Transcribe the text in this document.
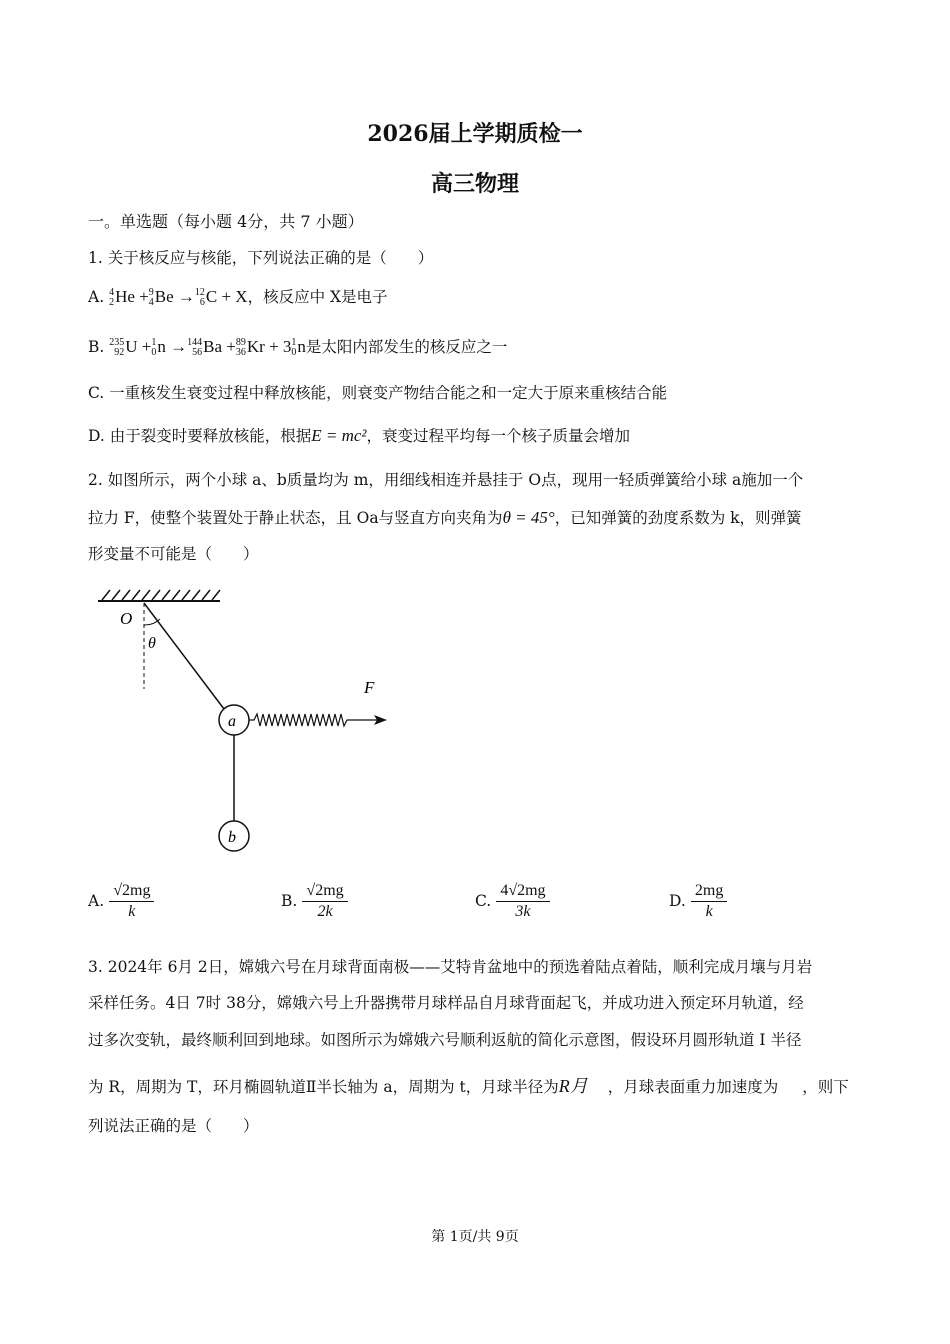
2026届上学期质检一
高三物理
一。单选题（每小题 4分，共 7 小题）
1. 关于核反应与核能，下列说法正确的是（　　）
A. 4
2 He + 9
4 Be → 12
6 C + X，核反应中 X是电子
B. 235
92 U + 1
0 n → 144
56 Ba + 89
36 Kr + 3 1
0 n是太阳内部发生的核反应之一
C. 一重核发生衰变过程中释放核能，则衰变产物结合能之和一定大于原来重核结合能
D. 由于裂变时要释放核能，根据E = mc²，衰变过程平均每一个核子质量会增加
2. 如图所示，两个小球 a、b质量均为 m，用细线相连并悬挂于 O点，现用一轻质弹簧给小球 a施加一个
拉力 F，使整个装置处于静止状态，且 Oa与竖直方向夹角为θ = 45°，已知弹簧的劲度系数为 k，则弹簧
形变量不可能是（　　）
O
θ
F
a
b
A. $\frac{√2mg}{k}$	B. $\frac{√2mg}{2k}$	C. $\frac{4√2mg}{3k}$	D. $\frac{2mg}{k}$
3. 2024年 6月 2日，嫦娥六号在月球背面南极——艾特肯盆地中的预选着陆点着陆，顺利完成月壤与月岩
采样任务。4日 7时 38分，嫦娥六号上升器携带月球样品自月球背面起飞，并成功进入预定环月轨道，经
过多次变轨，最终顺利回到地球。如图所示为嫦娥六号顺利返航的简化示意图，假设环月圆形轨道 Ⅰ 半径
为 R，周期为 T，环月椭圆轨道Ⅱ半长轴为 a，周期为 t，月球半径为R月 ，月球表面重力加速度为 ，则下
列说法正确的是（　　）
第 1页/共 9页
